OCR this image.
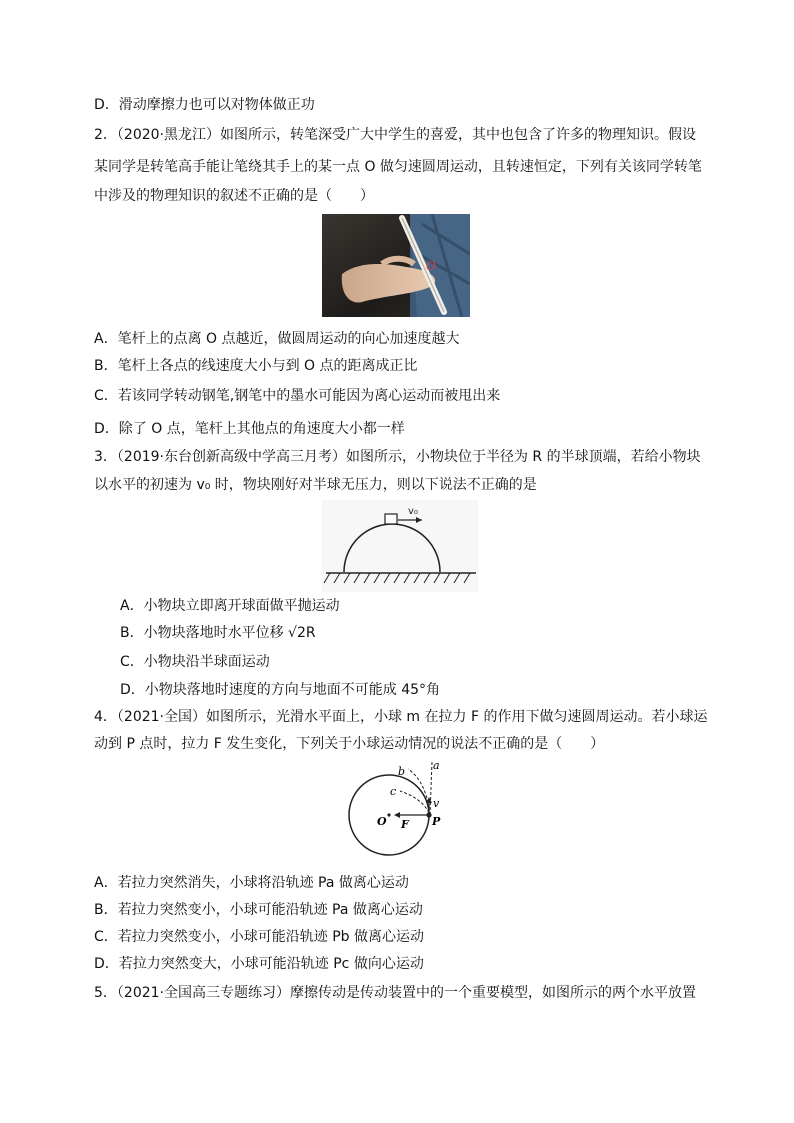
D．滑动摩擦力也可以对物体做正功
2．（2020·黑龙江）如图所示，转笔深受广大中学生的喜爱，其中也包含了许多的物理知识。假设
某同学是转笔高手能让笔绕其手上的某一点 O 做匀速圆周运动，且转速恒定，下列有关该同学转笔
中涉及的物理知识的叙述不正确的是（　　）
O
A．笔杆上的点离 O 点越近，做圆周运动的向心加速度越大
B．笔杆上各点的线速度大小与到 O 点的距离成正比
C．若该同学转动钢笔,钢笔中的墨水可能因为离心运动而被甩出来
D．除了 O 点，笔杆上其他点的角速度大小都一样
3．（2019·东台创新高级中学高三月考）如图所示，小物块位于半径为 R 的半球顶端，若给小物块
以水平的初速为 v₀ 时，物块刚好对半球无压力，则以下说法不正确的是
v₀
A．小物块立即离开球面做平抛运动
B．小物块落地时水平位移 √2R
C．小物块沿半球面运动
D．小物块落地时速度的方向与地面不可能成 45°角
4．（2021·全国）如图所示，光滑水平面上，小球 m 在拉力 F 的作用下做匀速圆周运动。若小球运
动到 P 点时，拉力 F 发生变化，下列关于小球运动情况的说法不正确的是（　　）
a
b
c
v
O F P
A．若拉力突然消失，小球将沿轨迹 Pa 做离心运动
B．若拉力突然变小，小球可能沿轨迹 Pa 做离心运动
C．若拉力突然变小，小球可能沿轨迹 Pb 做离心运动
D．若拉力突然变大，小球可能沿轨迹 Pc 做向心运动
5．（2021·全国高三专题练习）摩擦传动是传动装置中的一个重要模型，如图所示的两个水平放置
